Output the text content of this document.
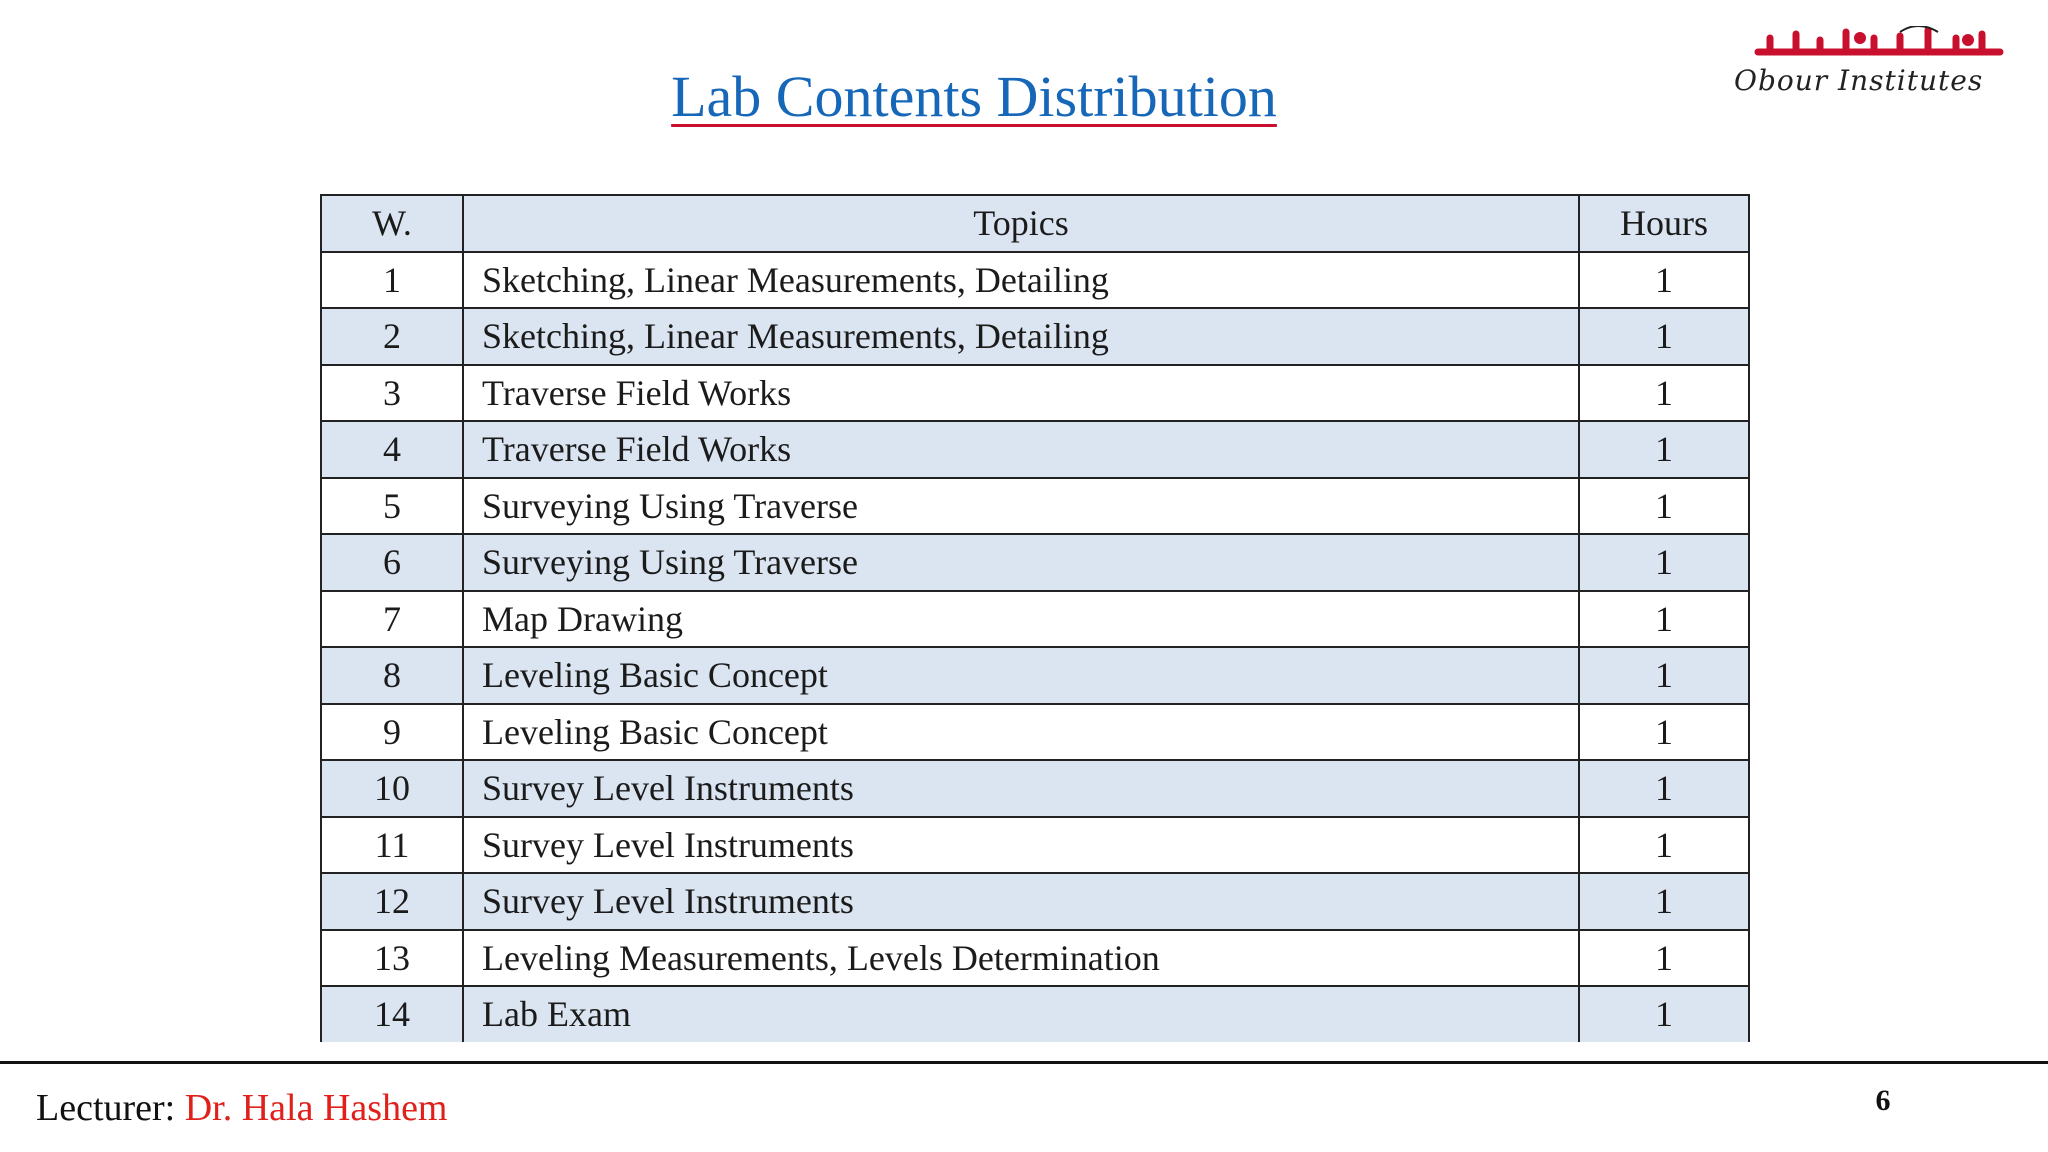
Lab Contents Distribution	Obour Institutes
W.	Topics	Hours
1	Sketching, Linear Measurements, Detailing	1
2	Sketching, Linear Measurements, Detailing	1
3	Traverse Field Works	1
4	Traverse Field Works	1
5	Surveying Using Traverse	1
6	Surveying Using Traverse	1
7	Map Drawing	1
8	Leveling Basic Concept	1
9	Leveling Basic Concept	1
10	Survey Level Instruments	1
11	Survey Level Instruments	1
12	Survey Level Instruments	1
13	Leveling Measurements, Levels Determination	1
14	Lab Exam	1
Lecturer: Dr. Hala Hashem	6
